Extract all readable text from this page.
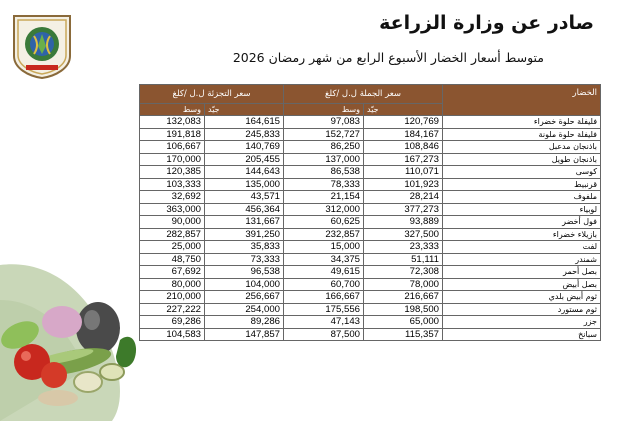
صادر عن وزارة الزراعة
متوسط أسعار الخضار الأسبوع الرابع من شهر رمضان 2026
سعر التجزئة ل.ل /كلغ		سعر الجملة ل.ل /كلغ		الخضار
وسط	جيّد	وسط	جيّد	
132,083	164,615	97,083	120,769	فليفلة حلوة خضراء
191,818	245,833	152,727	184,167	فليفلة حلوة ملونة
106,667	140,769	86,250	108,846	باذنجان مدعبل
170,000	205,455	137,000	167,273	باذنجان طويل
120,385	144,643	86,538	110,071	كوسى
103,333	135,000	78,333	101,923	قرنبيط
32,692	43,571	21,154	28,214	ملفوف
363,000	456,364	312,000	377,273	لوبياء
90,000	131,667	60,625	93,889	فول أخضر
282,857	391,250	232,857	327,500	بازيلاء خضراء
25,000	35,833	15,000	23,333	لفت
48,750	73,333	34,375	51,111	شمندر
67,692	96,538	49,615	72,308	بصل أحمر
80,000	104,000	60,700	78,000	بصل أبيض
210,000	256,667	166,667	216,667	ثوم أبيض بلدي
227,222	254,000	175,556	198,500	ثوم مستورد
69,286	89,286	47,143	65,000	جزر
104,583	147,857	87,500	115,357	سبانخ
